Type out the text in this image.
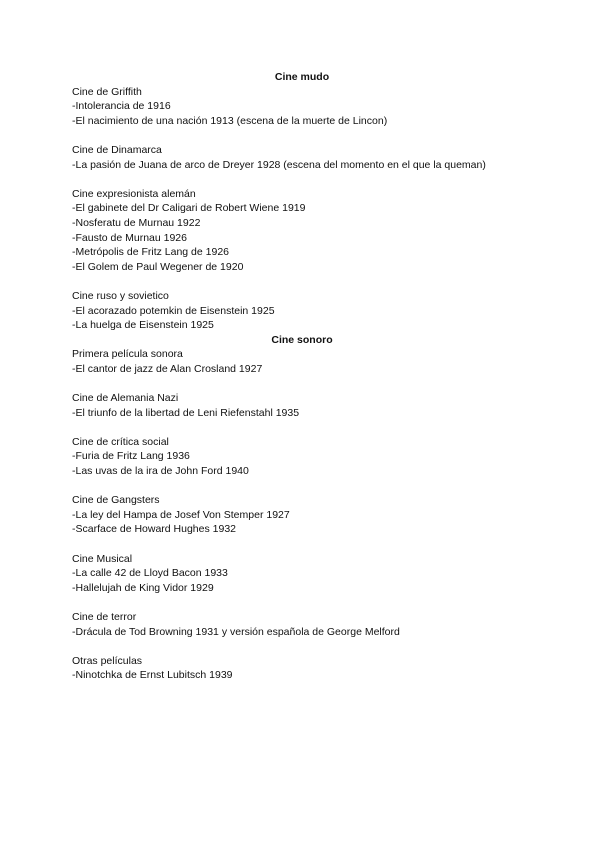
Cine mudo

Cine de Griffith

-Intolerancia de 1916

-El nacimiento de una nación 1913 (escena de la muerte de Lincon)

Cine de Dinamarca

-La pasión de Juana de arco de Dreyer 1928 (escena del momento en el que la queman)

Cine expresionista alemán

-El gabinete del Dr Caligari de Robert Wiene 1919

-Nosferatu de Murnau 1922

-Fausto de Murnau 1926

-Metrópolis de Fritz Lang de 1926

-El Golem de Paul Wegener de 1920

Cine ruso y sovietico

-El acorazado potemkin de Eisenstein 1925

-La huelga de Eisenstein 1925

Cine sonoro

Primera película sonora

-El cantor de jazz de Alan Crosland 1927

Cine de Alemania Nazi

-El triunfo de la libertad de Leni Riefenstahl 1935

Cine de crítica social

-Furia de Fritz Lang 1936

-Las uvas de la ira de John Ford 1940

Cine de Gangsters

-La ley del Hampa de Josef Von Stemper 1927

-Scarface de Howard Hughes 1932

Cine Musical

-La calle 42 de Lloyd Bacon 1933

-Hallelujah de King Vidor 1929

Cine de terror

-Drácula de Tod Browning 1931 y versión española de George Melford

Otras películas

-Ninotchka de Ernst Lubitsch 1939
